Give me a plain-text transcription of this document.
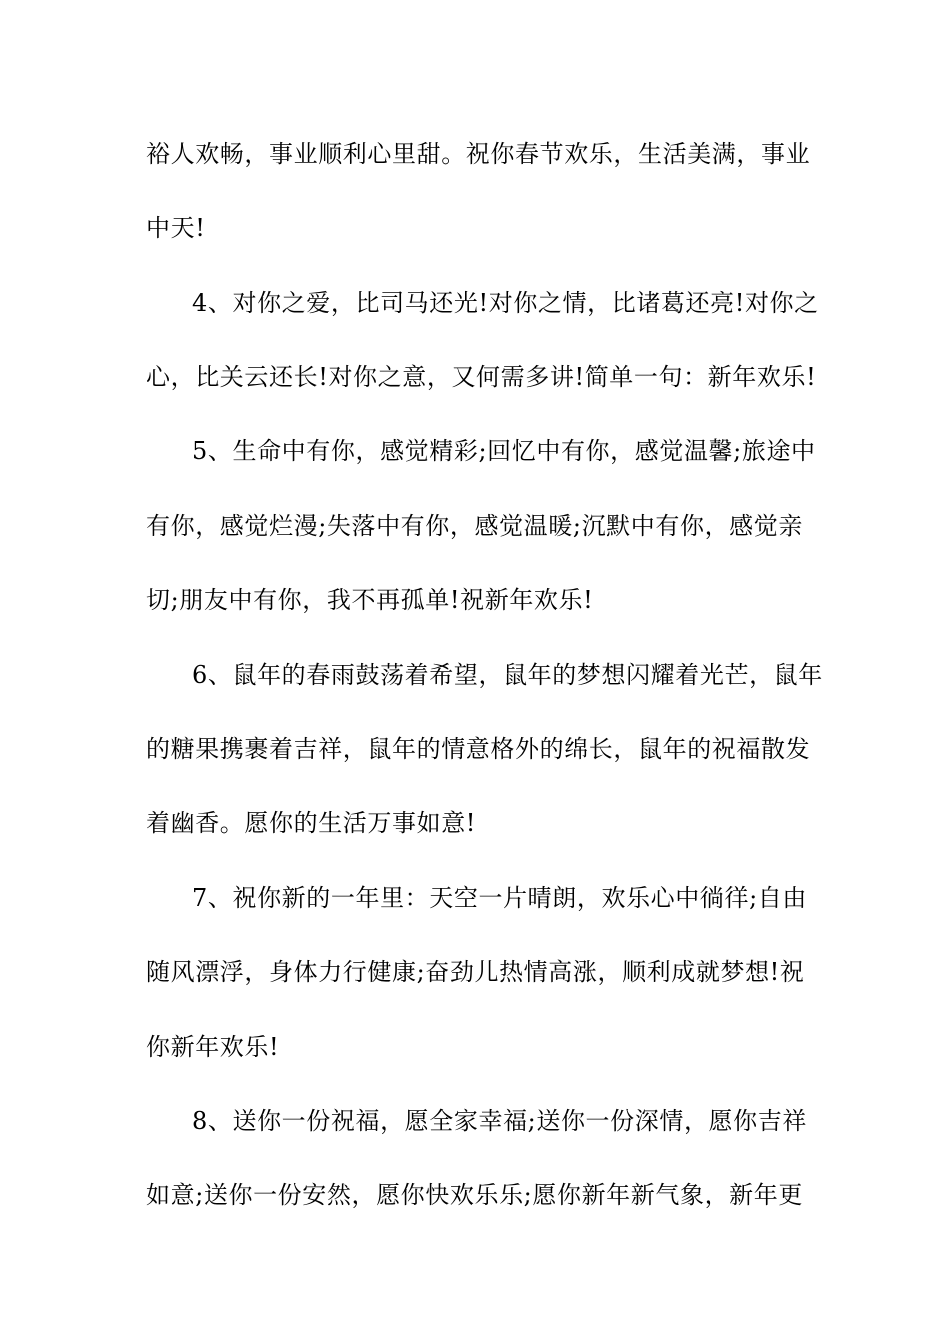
裕人欢畅，事业顺利心里甜。祝你春节欢乐，生活美满，事业
中天!
4、对你之爱，比司马还光!对你之情，比诸葛还亮!对你之
心，比关云还长!对你之意，又何需多讲!简单一句：新年欢乐!
5、生命中有你，感觉精彩;回忆中有你，感觉温馨;旅途中
有你，感觉烂漫;失落中有你，感觉温暖;沉默中有你，感觉亲
切;朋友中有你，我不再孤单!祝新年欢乐!
6、鼠年的春雨鼓荡着希望，鼠年的梦想闪耀着光芒，鼠年
的糖果携裹着吉祥，鼠年的情意格外的绵长，鼠年的祝福散发
着幽香。愿你的生活万事如意!
7、祝你新的一年里：天空一片晴朗，欢乐心中徜徉;自由
随风漂浮，身体力行健康;奋劲儿热情高涨，顺利成就梦想!祝
你新年欢乐!
8、送你一份祝福，愿全家幸福;送你一份深情，愿你吉祥
如意;送你一份安然，愿你快欢乐乐;愿你新年新气象，新年更
